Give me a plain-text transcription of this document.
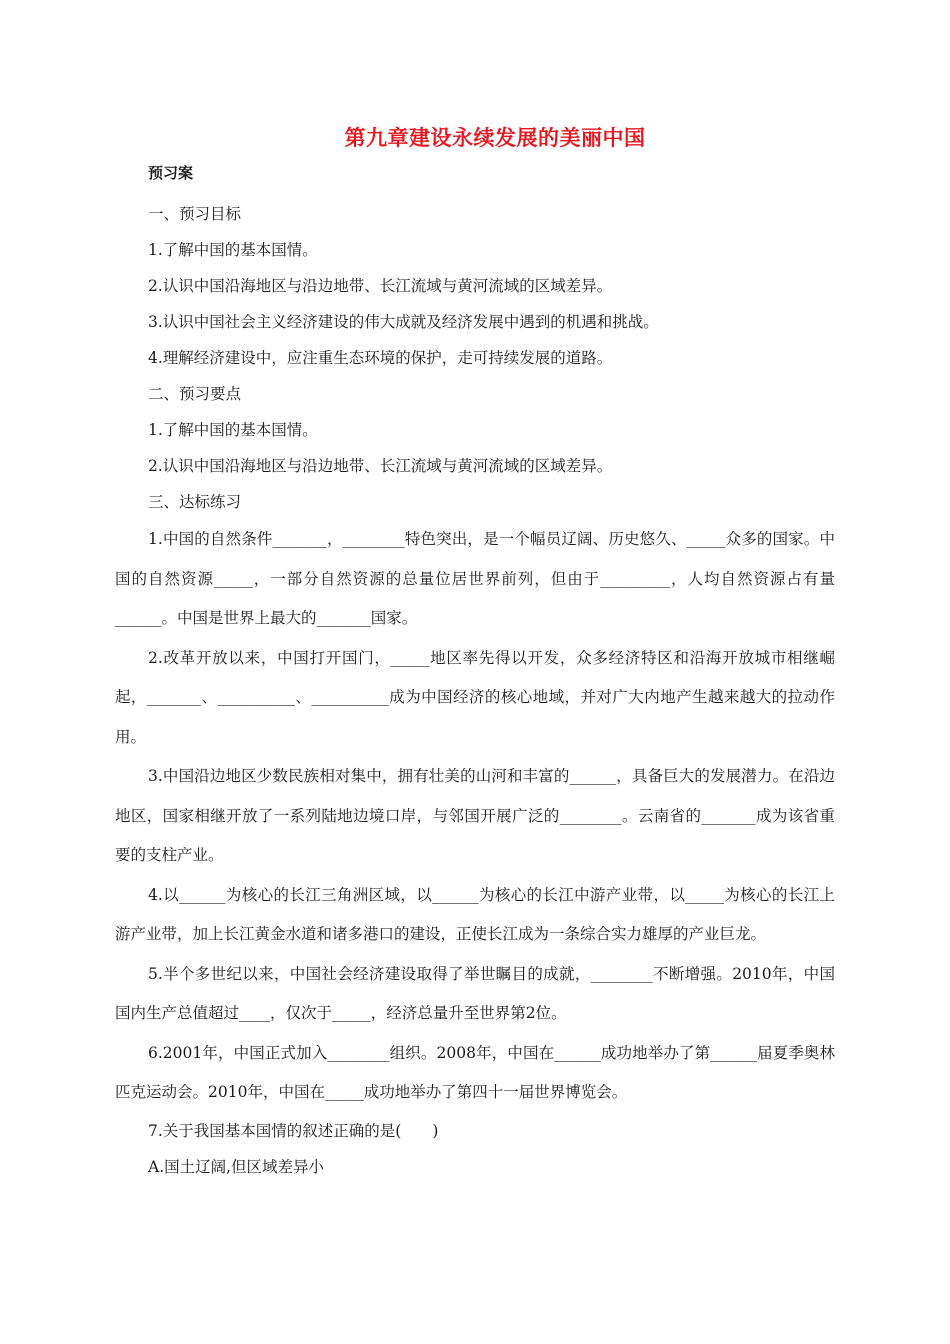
第九章建设永续发展的美丽中国
预习案

一、预习目标

1.了解中国的基本国情。

2.认识中国沿海地区与沿边地带、长江流域与黄河流域的区域差异。

3.认识中国社会主义经济建设的伟大成就及经济发展中遇到的机遇和挑战。

4.理解经济建设中，应注重生态环境的保护，走可持续发展的道路。

二、预习要点

1.了解中国的基本国情。

2.认识中国沿海地区与沿边地带、长江流域与黄河流域的区域差异。

三、达标练习

1.中国的自然条件_______，________特色突出，是一个幅员辽阔、历史悠久、_____众多的国家。中国的自然资源_____，一部分自然资源的总量位居世界前列，但由于_________，人均自然资源占有量______。中国是世界上最大的_______国家。

2.改革开放以来，中国打开国门，_____地区率先得以开发，众多经济特区和沿海开放城市相继崛起，_______、__________、__________成为中国经济的核心地域，并对广大内地产生越来越大的拉动作用。

3.中国沿边地区少数民族相对集中，拥有壮美的山河和丰富的______，具备巨大的发展潜力。在沿边地区，国家相继开放了一系列陆地边境口岸，与邻国开展广泛的________。云南省的_______成为该省重要的支柱产业。

4.以______为核心的长江三角洲区域，以______为核心的长江中游产业带，以_____为核心的长江上游产业带，加上长江黄金水道和诸多港口的建设，正使长江成为一条综合实力雄厚的产业巨龙。

5.半个多世纪以来，中国社会经济建设取得了举世瞩目的成就，________不断增强。2010年，中国国内生产总值超过____，仅次于_____，经济总量升至世界第2位。

6.2001年，中国正式加入________组织。2008年，中国在______成功地举办了第______届夏季奥林匹克运动会。2010年，中国在_____成功地举办了第四十一届世界博览会。

7.关于我国基本国情的叙述正确的是(　　)

A.国土辽阔,但区域差异小
